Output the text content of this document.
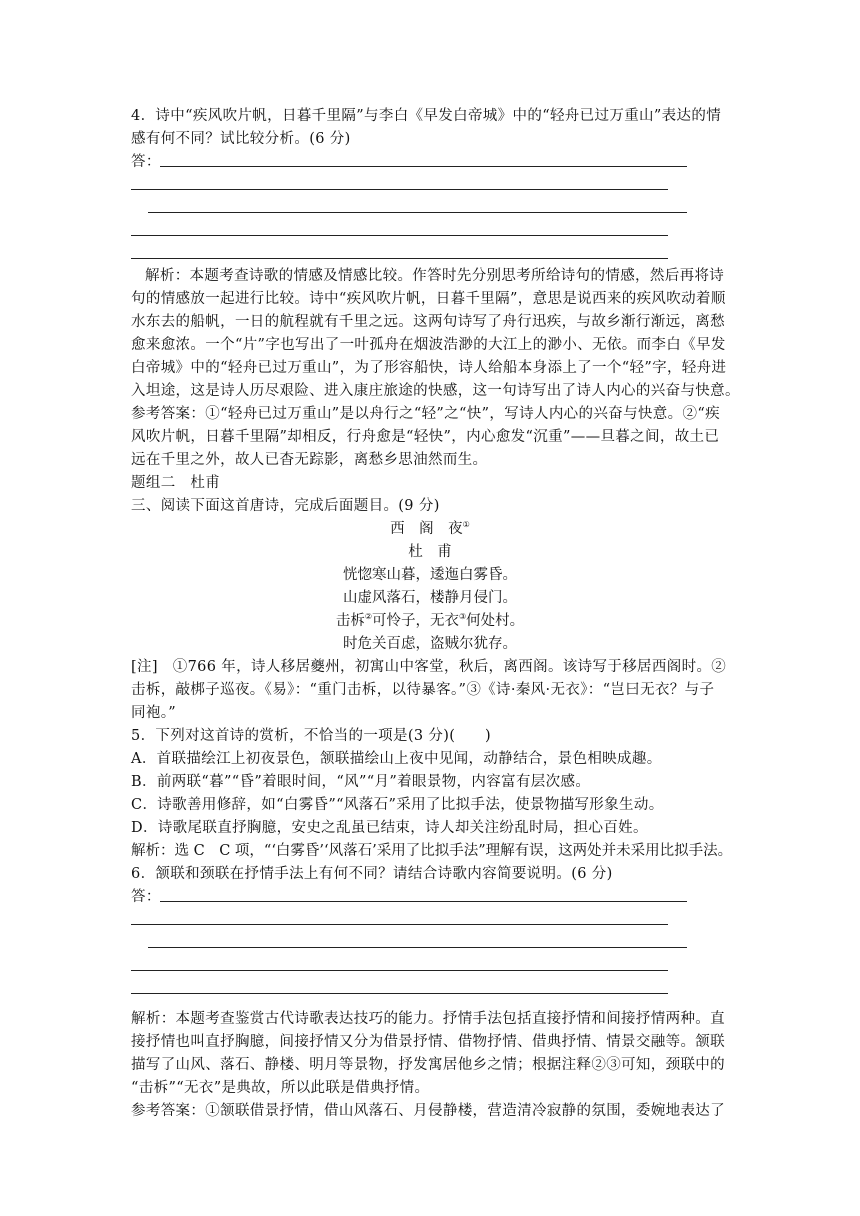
4．诗中“疾风吹片帆，日暮千里隔”与李白《早发白帝城》中的“轻舟已过万重山”表达的情
感有何不同？试比较分析。(6 分)
答：
解析：本题考查诗歌的情感及情感比较。作答时先分别思考所给诗句的情感，然后再将诗
句的情感放一起进行比较。诗中“疾风吹片帆，日暮千里隔”，意思是说西来的疾风吹动着顺
水东去的船帆，一日的航程就有千里之远。这两句诗写了舟行迅疾，与故乡渐行渐远，离愁
愈来愈浓。一个“片”字也写出了一叶孤舟在烟波浩渺的大江上的渺小、无依。而李白《早发
白帝城》中的“轻舟已过万重山”，为了形容船快，诗人给船本身添上了一个“轻”字，轻舟进
入坦途，这是诗人历尽艰险、进入康庄旅途的快感，这一句诗写出了诗人内心的兴奋与快意。
参考答案：①“轻舟已过万重山”是以舟行之“轻”之“快”，写诗人内心的兴奋与快意。②“疾
风吹片帆，日暮千里隔”却相反，行舟愈是“轻快”，内心愈发“沉重”——旦暮之间，故土已
远在千里之外，故人已杳无踪影，离愁乡思油然而生。
题组二　杜甫
三、阅读下面这首唐诗，完成后面题目。(9 分)
西　阁　夜①
杜　甫
恍惚寒山暮，逶迤白雾昏。
山虚风落石，楼静月侵门。
击柝②可怜子，无衣③何处村。
时危关百虑，盗贼尔犹存。
[注]　①766 年，诗人移居夔州，初寓山中客堂，秋后，离西阁。该诗写于移居西阁时。②
击柝，敲梆子巡夜。《易》：“重门击柝，以待暴客。”③《诗·秦风·无衣》：“岂曰无衣？与子
同袍。”
5．下列对这首诗的赏析，不恰当的一项是(3 分)(　　)
A．首联描绘江上初夜景色，颔联描绘山上夜中见闻，动静结合，景色相映成趣。
B．前两联“暮”“昏”着眼时间，“风”“月”着眼景物，内容富有层次感。
C．诗歌善用修辞，如“白雾昏”“风落石”采用了比拟手法，使景物描写形象生动。
D．诗歌尾联直抒胸臆，安史之乱虽已结束，诗人却关注纷乱时局，担心百姓。
解析：选 C　C 项，“‘白雾昏’‘风落石’采用了比拟手法”理解有误，这两处并未采用比拟手法。
6．颔联和颈联在抒情手法上有何不同？请结合诗歌内容简要说明。(6 分)
答：
解析：本题考查鉴赏古代诗歌表达技巧的能力。抒情手法包括直接抒情和间接抒情两种。直
接抒情也叫直抒胸臆，间接抒情又分为借景抒情、借物抒情、借典抒情、情景交融等。颔联
描写了山风、落石、静楼、明月等景物，抒发寓居他乡之情；根据注释②③可知，颈联中的
“击柝”“无衣”是典故，所以此联是借典抒情。
参考答案：①颔联借景抒情，借山风落石、月侵静楼，营造清冷寂静的氛围，委婉地表达了
